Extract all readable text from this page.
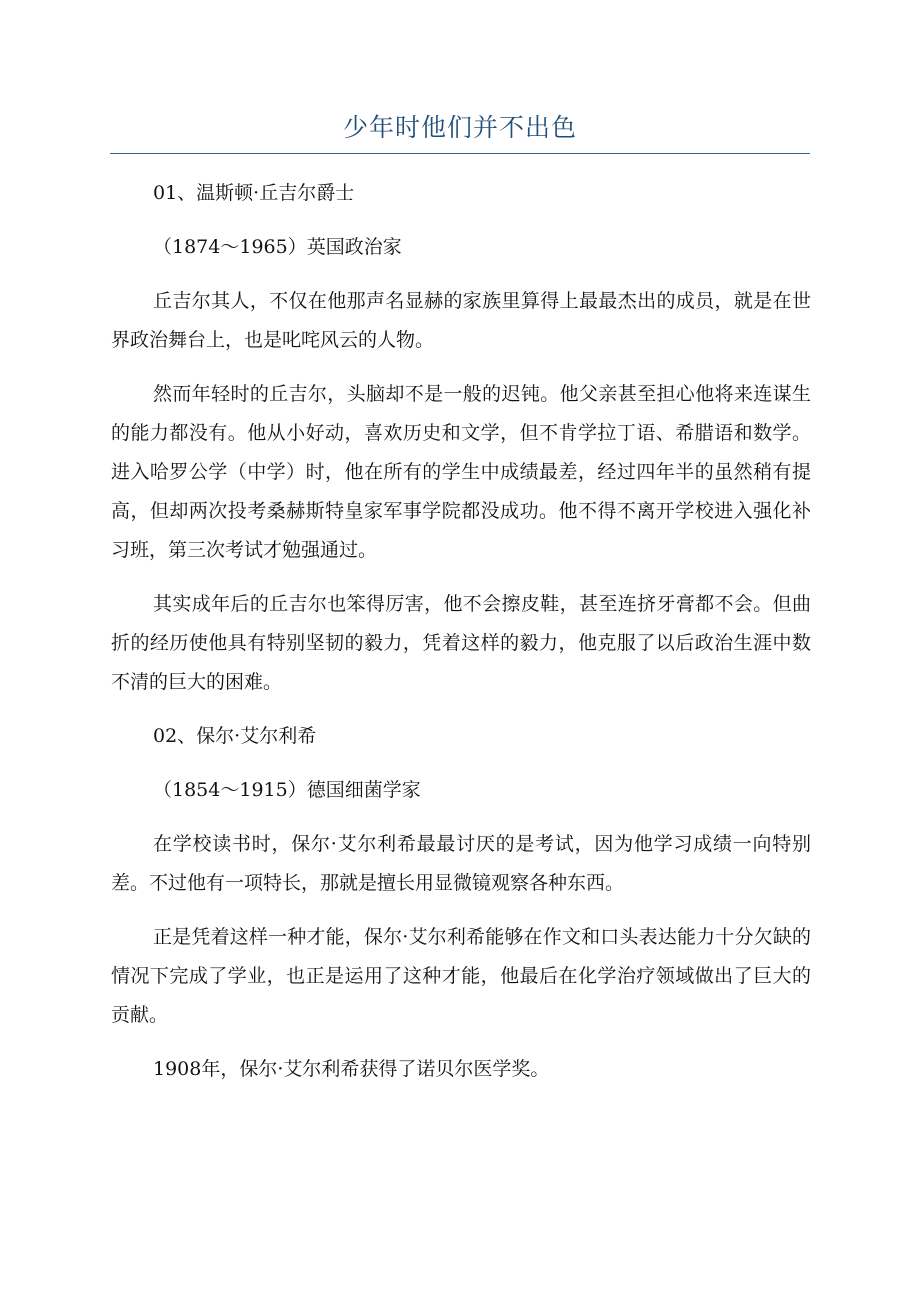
少年时他们并不出色

01、温斯顿·丘吉尔爵士

（1874～1965）英国政治家

丘吉尔其人，不仅在他那声名显赫的家族里算得上最最杰出的成员，就是在世界政治舞台上，也是叱咤风云的人物。

然而年轻时的丘吉尔，头脑却不是一般的迟钝。他父亲甚至担心他将来连谋生的能力都没有。他从小好动，喜欢历史和文学，但不肯学拉丁语、希腊语和数学。进入哈罗公学（中学）时，他在所有的学生中成绩最差，经过四年半的虽然稍有提高，但却两次投考桑赫斯特皇家军事学院都没成功。他不得不离开学校进入强化补习班，第三次考试才勉强通过。

其实成年后的丘吉尔也笨得厉害，他不会擦皮鞋，甚至连挤牙膏都不会。但曲折的经历使他具有特别坚韧的毅力，凭着这样的毅力，他克服了以后政治生涯中数不清的巨大的困难。

02、保尔·艾尔利希

（1854～1915）德国细菌学家

在学校读书时，保尔·艾尔利希最最讨厌的是考试，因为他学习成绩一向特别差。不过他有一项特长，那就是擅长用显微镜观察各种东西。

正是凭着这样一种才能，保尔·艾尔利希能够在作文和口头表达能力十分欠缺的情况下完成了学业，也正是运用了这种才能，他最后在化学治疗领域做出了巨大的贡献。

1908年，保尔·艾尔利希获得了诺贝尔医学奖。
